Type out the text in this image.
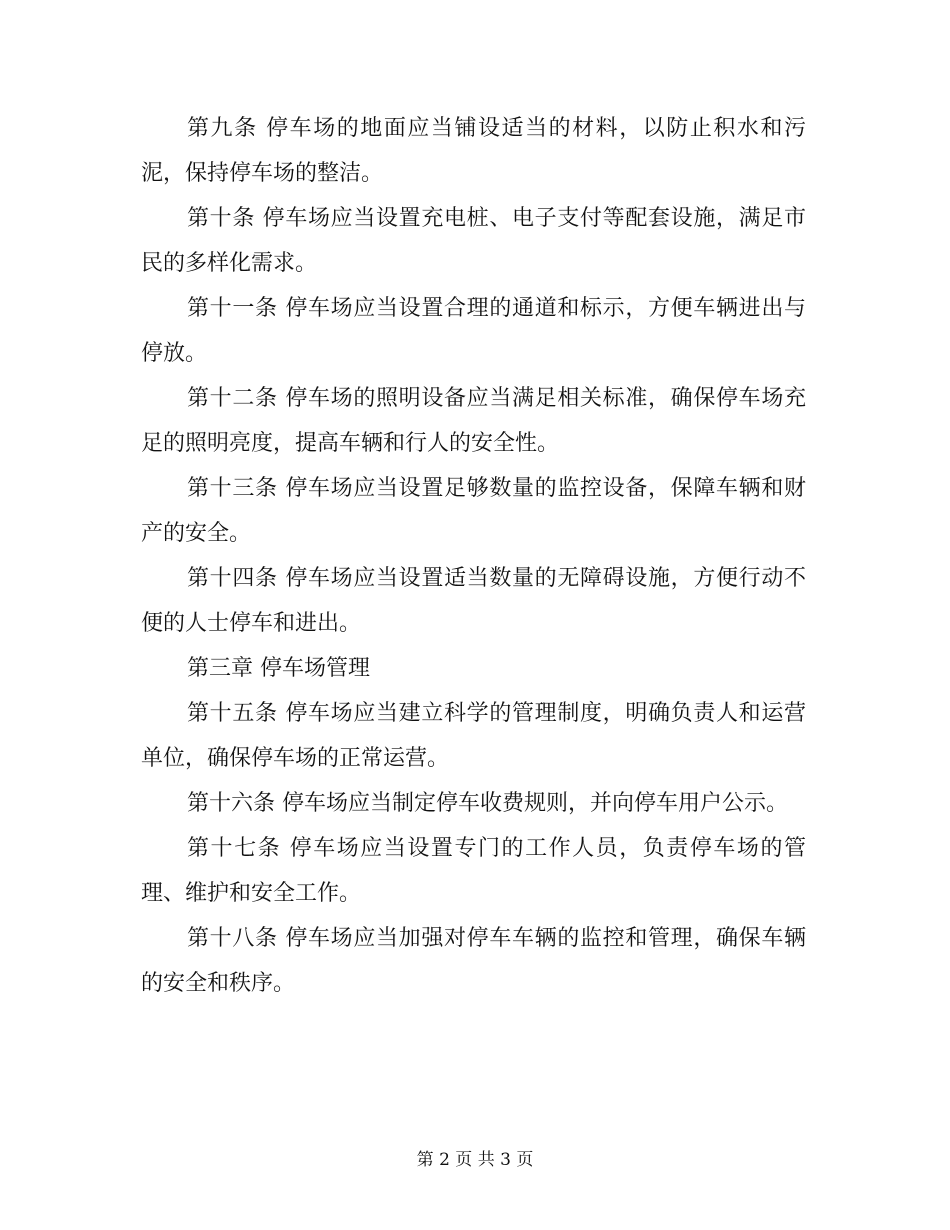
第九条 停车场的地面应当铺设适当的材料，以防止积水和污泥，保持停车场的整洁。

第十条 停车场应当设置充电桩、电子支付等配套设施，满足市民的多样化需求。

第十一条 停车场应当设置合理的通道和标示，方便车辆进出与停放。

第十二条 停车场的照明设备应当满足相关标准，确保停车场充足的照明亮度，提高车辆和行人的安全性。

第十三条 停车场应当设置足够数量的监控设备，保障车辆和财产的安全。

第十四条 停车场应当设置适当数量的无障碍设施，方便行动不便的人士停车和进出。

第三章 停车场管理

第十五条 停车场应当建立科学的管理制度，明确负责人和运营单位，确保停车场的正常运营。

第十六条 停车场应当制定停车收费规则，并向停车用户公示。

第十七条 停车场应当设置专门的工作人员，负责停车场的管理、维护和安全工作。

第十八条 停车场应当加强对停车车辆的监控和管理，确保车辆的安全和秩序。

第 2 页 共 3 页
